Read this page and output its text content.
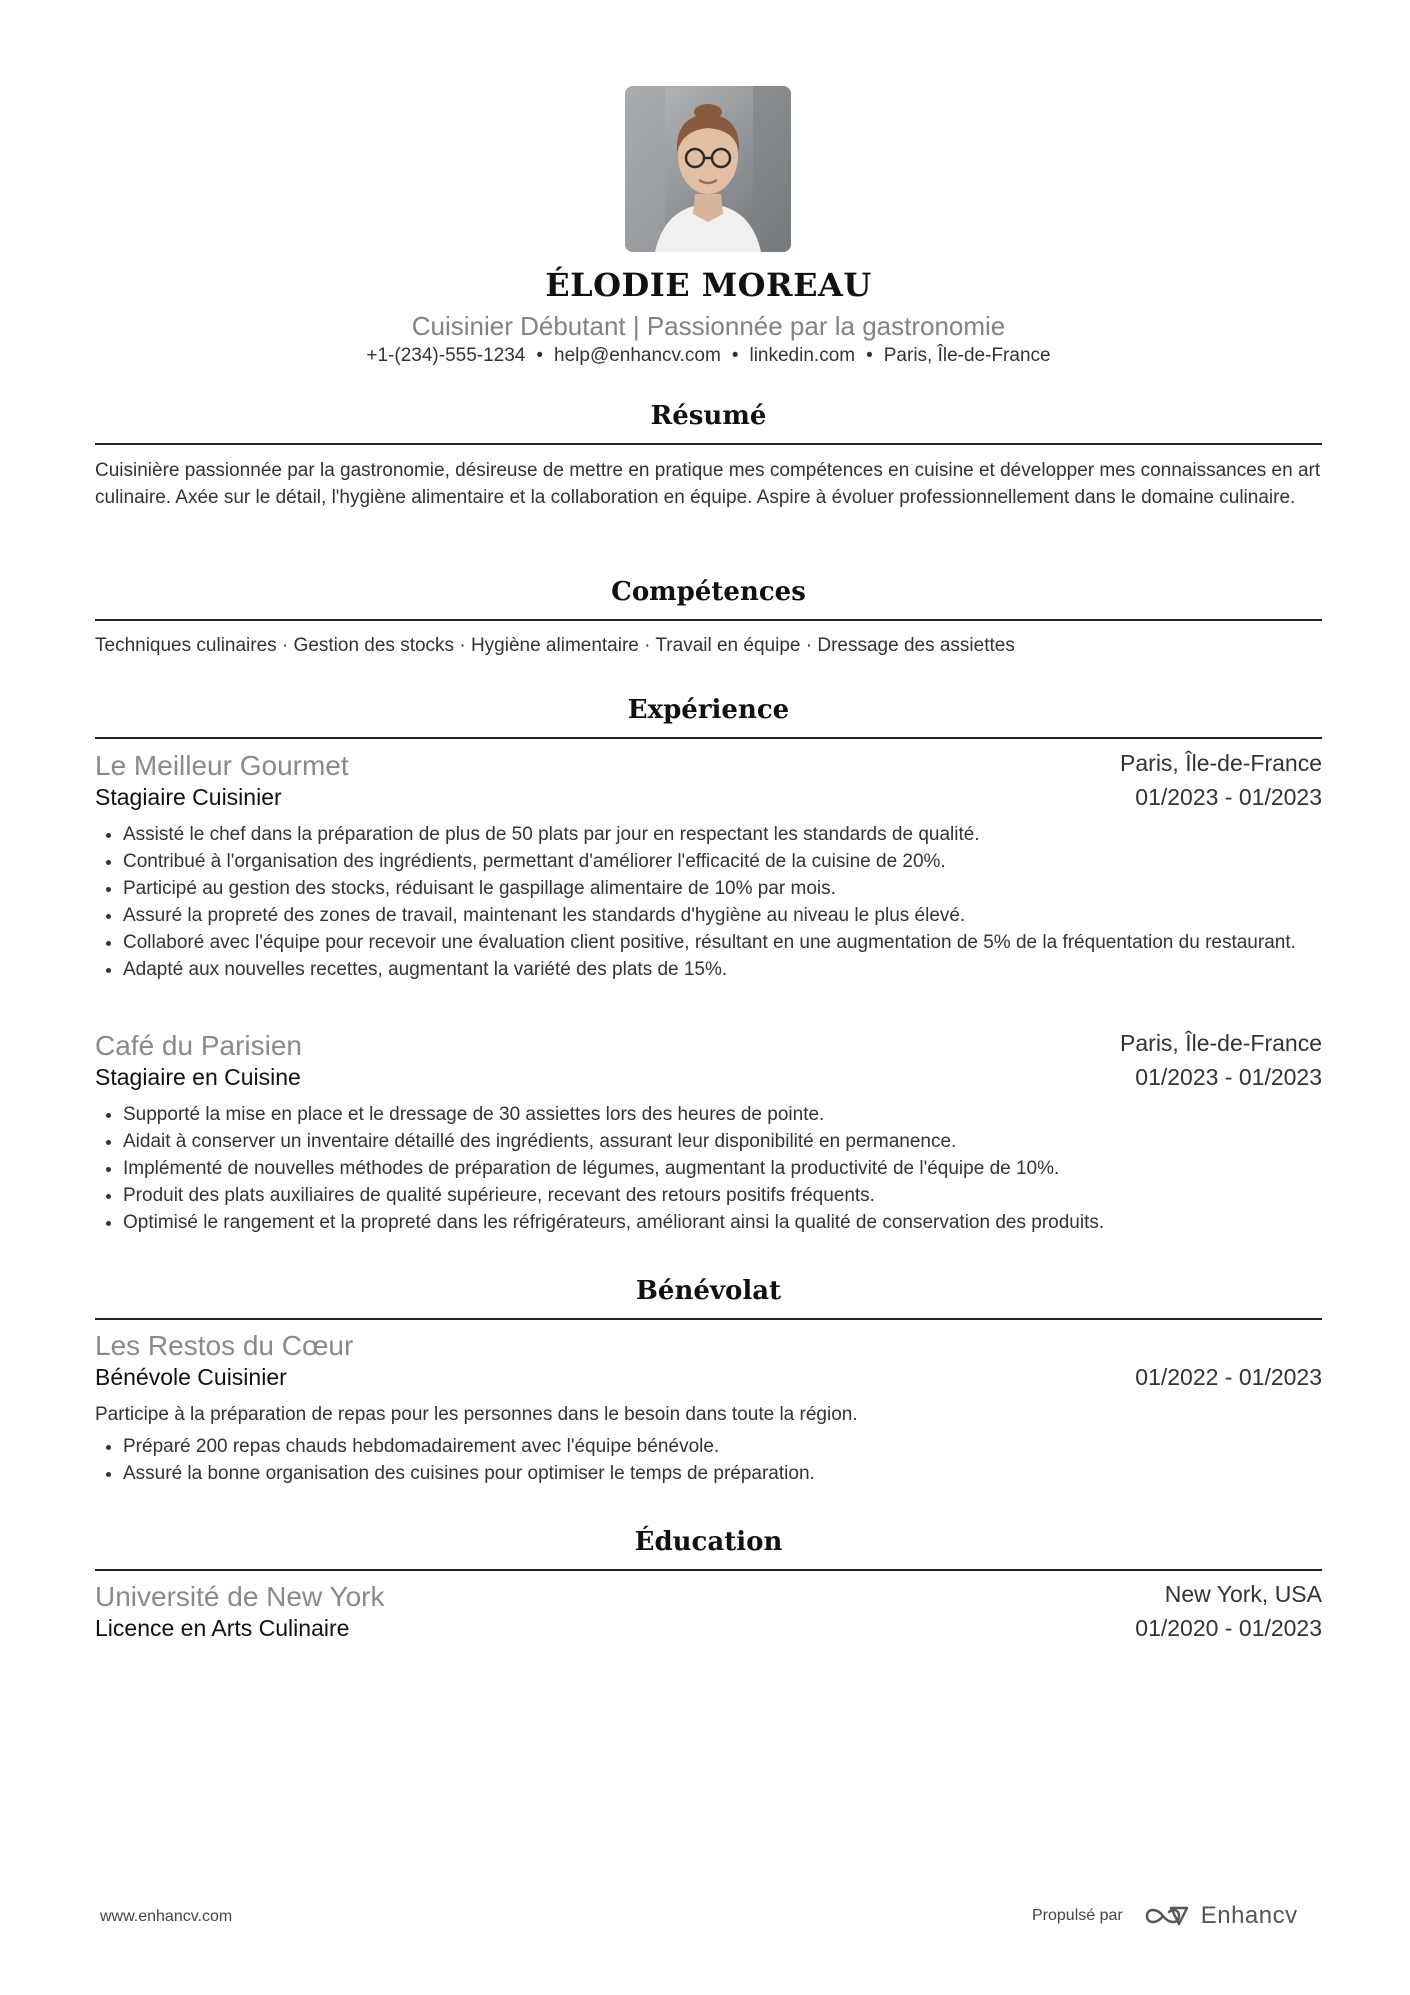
ÉLODIE MOREAU
Cuisinier Débutant | Passionnée par la gastronomie
+1-(234)-555-1234 • help@enhancv.com • linkedin.com • Paris, Île-de-France
Résumé

Cuisinière passionnée par la gastronomie, désireuse de mettre en pratique mes compétences en cuisine et développer mes connaissances en art culinaire. Axée sur le détail, l'hygiène alimentaire et la collaboration en équipe. Aspire à évoluer professionnellement dans le domaine culinaire.

Compétences

Techniques culinaires · Gestion des stocks · Hygiène alimentaire · Travail en équipe · Dressage des assiettes

Expérience
Le Meilleur Gourmet	Paris, Île-de-France
Stagiaire Cuisinier	01/2023 - 01/2023
• Assisté le chef dans la préparation de plus de 50 plats par jour en respectant les standards de qualité.
• Contribué à l'organisation des ingrédients, permettant d'améliorer l'efficacité de la cuisine de 20%.
• Participé au gestion des stocks, réduisant le gaspillage alimentaire de 10% par mois.
• Assuré la propreté des zones de travail, maintenant les standards d'hygiène au niveau le plus élevé.
• Collaboré avec l'équipe pour recevoir une évaluation client positive, résultant en une augmentation de 5% de la fréquentation du restaurant.
• Adapté aux nouvelles recettes, augmentant la variété des plats de 15%.
Café du Parisien	Paris, Île-de-France
Stagiaire en Cuisine	01/2023 - 01/2023
• Supporté la mise en place et le dressage de 30 assiettes lors des heures de pointe.
• Aidait à conserver un inventaire détaillé des ingrédients, assurant leur disponibilité en permanence.
• Implémenté de nouvelles méthodes de préparation de légumes, augmentant la productivité de l'équipe de 10%.
• Produit des plats auxiliaires de qualité supérieure, recevant des retours positifs fréquents.
• Optimisé le rangement et la propreté dans les réfrigérateurs, améliorant ainsi la qualité de conservation des produits.
Bénévolat
Les Restos du Cœur
Bénévole Cuisinier	01/2022 - 01/2023

Participe à la préparation de repas pour les personnes dans le besoin dans toute la région.

• Préparé 200 repas chauds hebdomadairement avec l'équipe bénévole.
• Assuré la bonne organisation des cuisines pour optimiser le temps de préparation.
Éducation
Université de New York	New York, USA
Licence en Arts Culinaire	01/2020 - 01/2023
www.enhancv.com	Propulsé par	Enhancv
